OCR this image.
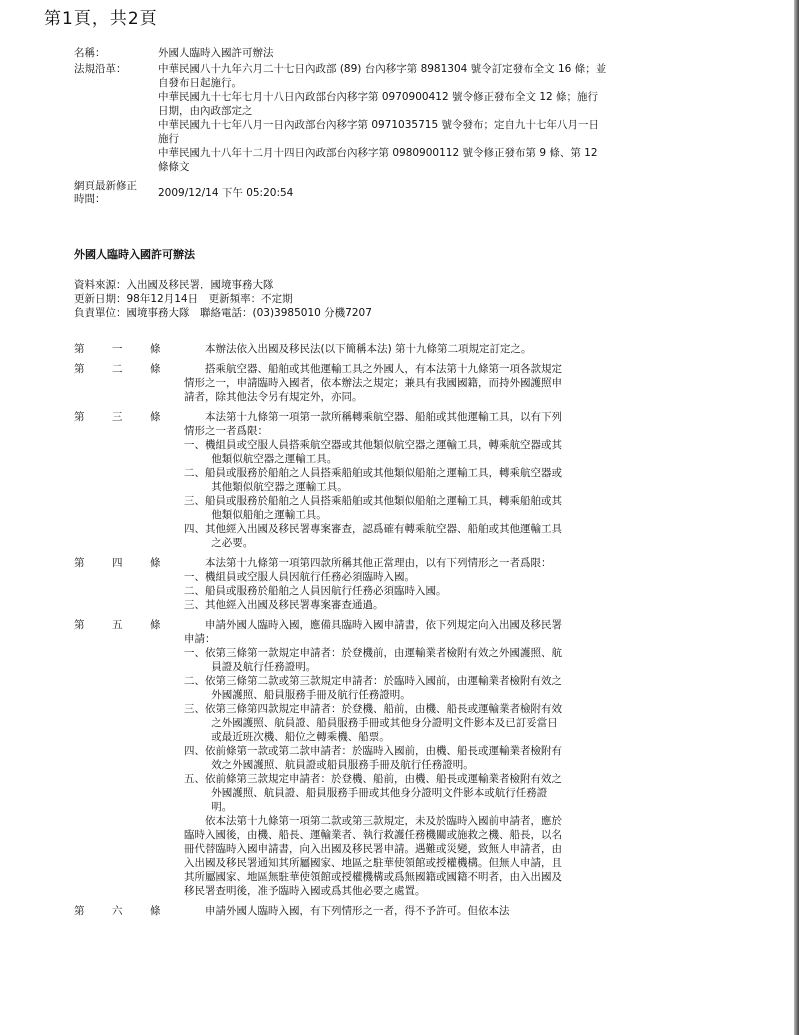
第1頁，共2頁
名稱：	外國人臨時入國許可辦法
法規沿革：	中華民國八十九年六月二十七日內政部 (89) 台內移字第 8981304 號令訂定發布全文 16 條；並自發布日起施行。
中華民國九十七年七月十八日內政部台內移字第 0970900412 號令修正發布全文 12 條；施行日期，由內政部定之
中華民國九十七年八月一日內政部台內移字第 0971035715 號令發布；定自九十七年八月一日施行
中華民國九十八年十二月十四日內政部台內移字第 0980900112 號令修正發布第 9 條、第 12 條條文
網頁最新修正時間：	2009/12/14 下午 05:20:54
外國人臨時入國許可辦法
資料來源：入出國及移民署．國境事務大隊
更新日期：98年12月14日　更新頻率：不定期
負責單位：國境事務大隊　聯絡電話：(03)3985010 分機7207
第	一	條	本辦法依入出國及移民法(以下簡稱本法) 第十九條第二項規定訂定之。

第	二	條	搭乘航空器、船舶或其他運輸工具之外國人，有本法第十九條第一項各款規定情形之一，申請臨時入國者，依本辦法之規定；兼具有我國國籍，而持外國護照申請者，除其他法令另有規定外，亦同。

第	三	條	本法第十九條第一項第一款所稱轉乘航空器、船舶或其他運輸工具，以有下列情形之一者爲限：

一、機組員或空服人員搭乘航空器或其他類似航空器之運輸工具，轉乘航空器或其他類似航空器之運輸工具。
二、船員或服務於船舶之人員搭乘船舶或其他類似船舶之運輸工具，轉乘航空器或其他類似航空器之運輸工具。
三、船員或服務於船舶之人員搭乘船舶或其他類似船舶之運輸工具，轉乘船舶或其他類似船舶之運輸工具。
四、其他經入出國及移民署專案審查，認爲確有轉乘航空器、船舶或其他運輸工具之必要。
第	四	條	本法第十九條第一項第四款所稱其他正當理由，以有下列情形之一者爲限：

一、機組員或空服人員因航行任務必須臨時入國。
二、船員或服務於船舶之人員因航行任務必須臨時入國。
三、其他經入出國及移民署專案審查通過。
第	五	條	申請外國人臨時入國，應備具臨時入國申請書，依下列規定向入出國及移民署申請：

一、依第三條第一款規定申請者：於登機前，由運輸業者檢附有效之外國護照、航員證及航行任務證明。
二、依第三條第二款或第三款規定申請者：於臨時入國前，由運輸業者檢附有效之外國護照、船員服務手冊及航行任務證明。
三、依第三條第四款規定申請者：於登機、船前，由機、船長或運輸業者檢附有效之外國護照、航員證、船員服務手冊或其他身分證明文件影本及已訂妥當日或最近班次機、船位之轉乘機、船票。
四、依前條第一款或第二款申請者：於臨時入國前，由機、船長或運輸業者檢附有效之外國護照、航員證或船員服務手冊及航行任務證明。
五、依前條第三款規定申請者：於登機、船前，由機、船長或運輸業者檢附有效之外國護照、航員證、船員服務手冊或其他身分證明文件影本或航行任務證明。

依本法第十九條第一項第二款或第三款規定，未及於臨時入國前申請者，應於臨時入國後，由機、船長、運輸業者、執行救護任務機關或施救之機、船長，以名冊代替臨時入國申請書，向入出國及移民署申請。遇難或災變，致無人申請者，由入出國及移民署通知其所屬國家、地區之駐華使領館或授權機構。但無人申請，且其所屬國家、地區無駐華使領館或授權機構或爲無國籍或國籍不明者，由入出國及移民署查明後，准予臨時入國或爲其他必要之處置。

第	六	條	申請外國人臨時入國，有下列情形之一者，得不予許可。但依本法
